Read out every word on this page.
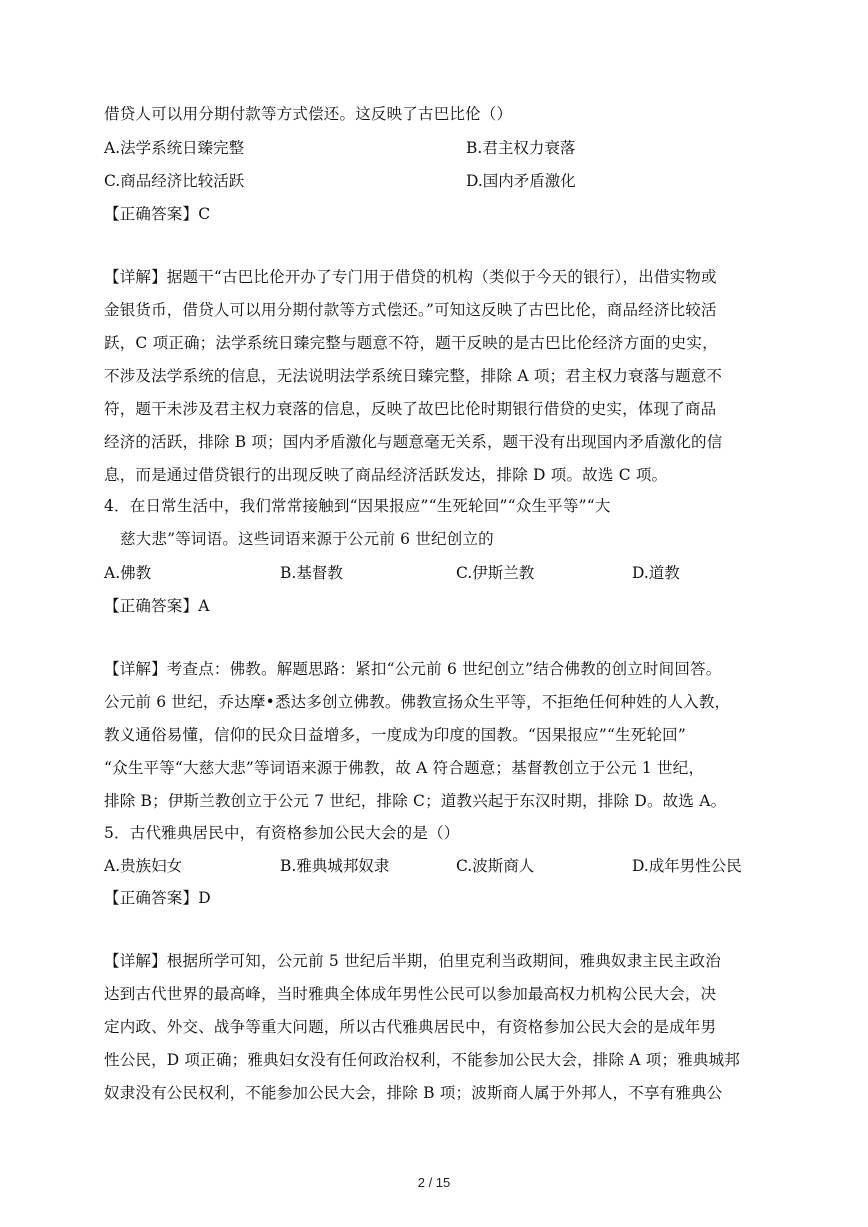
借贷人可以用分期付款等方式偿还。这反映了古巴比伦（）
A.法学系统日臻完整	B.君主权力衰落
C.商品经济比较活跃	D.国内矛盾激化
【正确答案】C
【详解】据题干“古巴比伦开办了专门用于借贷的机构（类似于今天的银行），出借实物或
金银货币，借贷人可以用分期付款等方式偿还。”可知这反映了古巴比伦，商品经济比较活
跃，C 项正确；法学系统日臻完整与题意不符，题干反映的是古巴比伦经济方面的史实，
不涉及法学系统的信息，无法说明法学系统日臻完整，排除 A 项；君主权力衰落与题意不
符，题干未涉及君主权力衰落的信息，反映了故巴比伦时期银行借贷的史实，体现了商品
经济的活跃，排除 B 项；国内矛盾激化与题意毫无关系，题干没有出现国内矛盾激化的信
息，而是通过借贷银行的出现反映了商品经济活跃发达，排除 D 项。故选 C 项。
4．在日常生活中，我们常常接触到“因果报应”“生死轮回”“众生平等”“大
慈大悲”等词语。这些词语来源于公元前 6 世纪创立的
A.佛教	B.基督教	C.伊斯兰教	D.道教
【正确答案】A
【详解】考查点：佛教。解题思路：紧扣“公元前 6 世纪创立”结合佛教的创立时间回答。
公元前 6 世纪，乔达摩•悉达多创立佛教。佛教宣扬众生平等，不拒绝任何种姓的人入教，
教义通俗易懂，信仰的民众日益增多，一度成为印度的国教。“因果报应”“生死轮回”
“众生平等“大慈大悲”等词语来源于佛教，故 A 符合题意；基督教创立于公元 1 世纪，
排除 B；伊斯兰教创立于公元 7 世纪，排除 C；道教兴起于东汉时期，排除 D。故选 A。
5．古代雅典居民中，有资格参加公民大会的是（）
A.贵族妇女	B.雅典城邦奴隶	C.波斯商人	D.成年男性公民
【正确答案】D
【详解】根据所学可知，公元前 5 世纪后半期，伯里克利当政期间，雅典奴隶主民主政治
达到古代世界的最高峰，当时雅典全体成年男性公民可以参加最高权力机构公民大会，决
定内政、外交、战争等重大问题，所以古代雅典居民中，有资格参加公民大会的是成年男
性公民，D 项正确；雅典妇女没有任何政治权利，不能参加公民大会，排除 A 项；雅典城邦
奴隶没有公民权利，不能参加公民大会，排除 B 项；波斯商人属于外邦人，不享有雅典公
2 / 15
